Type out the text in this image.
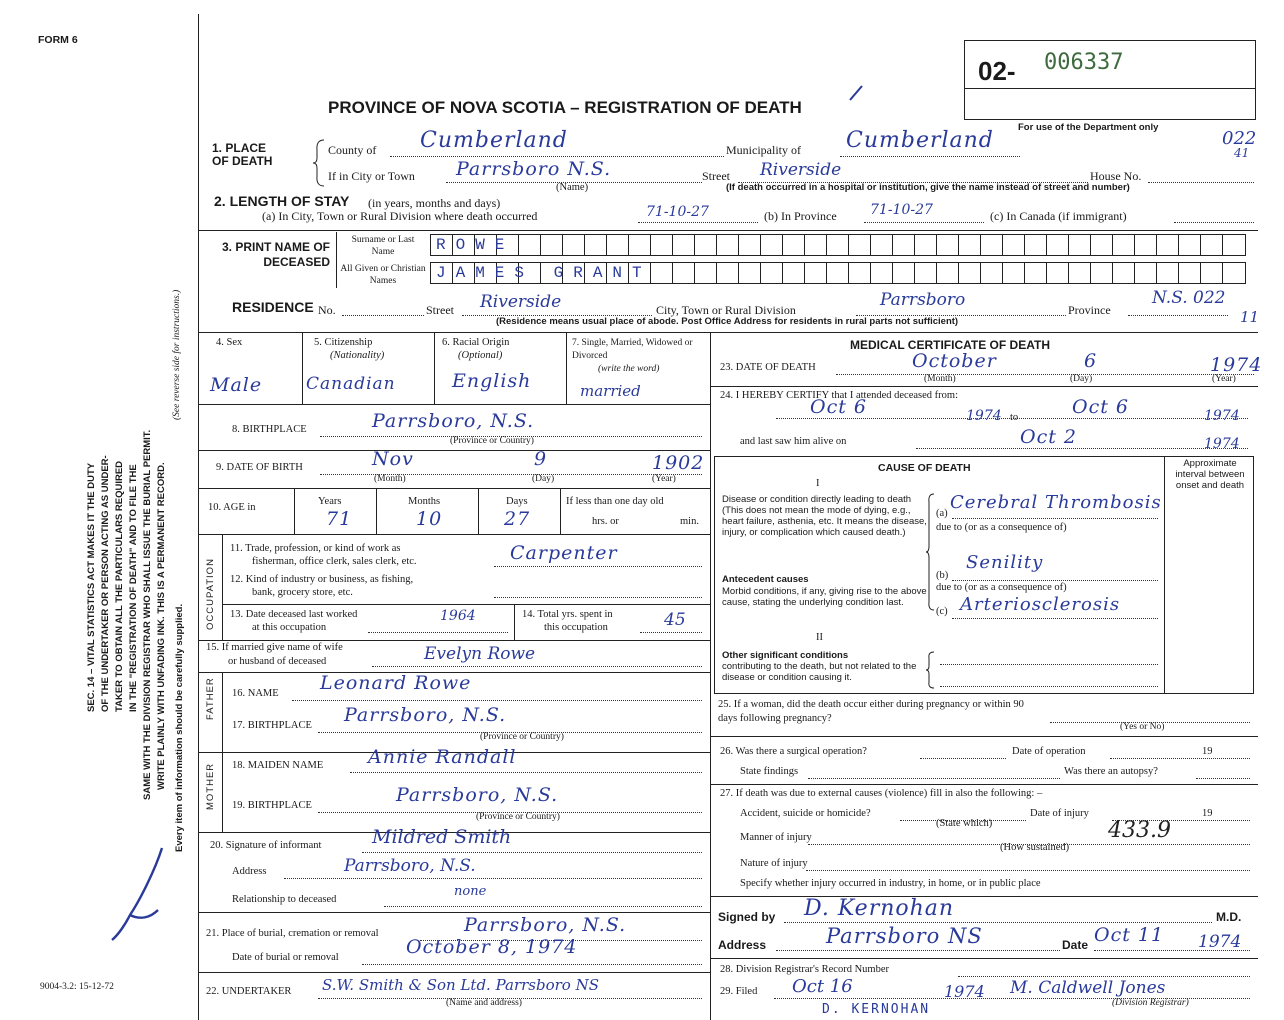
FORM 6
SEC. 14 – VITAL STATISTICS ACT MAKES IT THE DUTY OF THE UNDERTAKER OR PERSON ACTING AS UNDER- TAKER TO OBTAIN ALL THE PARTICULARS REQUIRED IN THE "REGISTRATION OF DEATH" AND TO FILE THE SAME WITH THE DIVISION REGISTRAR WHO SHALL ISSUE THE BURIAL PERMIT. WRITE PLAINLY WITH UNFADING INK. THIS IS A PERMANENT RECORD.
(See reverse side for instructions.)
Every item of information should be carefully supplied.
9004-3.2: 15-12-72
02- 006337
PROVINCE OF NOVA SCOTIA – REGISTRATION OF DEATH
For use of the Department only
022
41
1. PLACE OF DEATH
County of Cumberland	Municipality of Cumberland
If in City or Town Parrsboro N.S.
(Name)
Street Riverside	House No.
(If death occurred in a hospital or institution, give the name instead of street and number)
2. LENGTH OF STAY (in years, months and days)
(a) In City, Town or Rural Division where death occurred	71-10-27	(b) In Province 71-10-27	(c) In Canada (if immigrant)
3. PRINT NAME OF DECEASED
Surname or Last Name
All Given or Christian Names
ROWE
JAMES GRANT
RESIDENCE No.	Street Riverside	City, Town or Rural Division	Parrsboro	Province
N.S. 022
11
(Residence means usual place of abode. Post Office Address for residents in rural parts not sufficient)
4. Sex
Male
5. Citizenship
(Nationality)
Canadian
6. Racial Origin
(Optional)
English
7. Single, Married, Widowed or Divorced
(write the word)
married
8. BIRTHPLACE	Parrsboro, N.S.
(Province or Country)
9. DATE OF BIRTH	Nov	9	1902
(Month)	(Day)	(Year)
10. AGE in
Years
71
Months
10
Days
27
If less than one day old
hrs. or	min.
OCCUPATION
11. Trade, profession, or kind of work as
fisherman, office clerk, sales clerk, etc.	Carpenter
12. Kind of industry or business, as fishing,
bank, grocery store, etc.
13. Date deceased last worked
at this occupation
1964	14. Total yrs. spent in
this occupation	45
15. If married give name of wife
or husband of deceased	Evelyn Rowe
FATHER 16. NAME Leonard Rowe
17. BIRTHPLACE Parrsboro, N.S.
(Province or Country)
MOTHER 18. MAIDEN NAME Annie Randall
19. BIRTHPLACE	Parrsboro, N.S.
(Province or Country)
20. Signature of informant	Mildred Smith
Address	Parrsboro, N.S.
Relationship to deceased
none
21. Place of burial, cremation or removal	Parrsboro, N.S.
Date of burial or removal	October 8, 1974
22. UNDERTAKER S.W. Smith & Son Ltd. Parrsboro NS
(Name and address)
MEDICAL CERTIFICATE OF DEATH
23. DATE OF DEATH	October	6	1974
(Month)	(Day)	(Year)
24. I HEREBY CERTIFY that I attended deceased from:
Oct 6	1974 to	Oct 6	1974
and last saw him alive on	Oct 2	1974
CAUSE OF DEATH	Approximate interval between onset and death
I
Disease or condition directly leading to death (This does not mean the mode of dying, e.g., heart failure, asthenia, etc. It means the disease, injury, or complication which caused death.)
(a)
Cerebral Thrombosis
due to (or as a consequence of)
Antecedent causes
Morbid conditions, if any, giving rise to the above cause, stating the underlying condition last.
(b)
Senility
due to (or as a consequence of)
(c) Arteriosclerosis
II
Other significant conditions
contributing to the death, but not related to the disease or condition causing it.
25. If a woman, did the death occur either during pregnancy or within 90 days following pregnancy?
(Yes or No)
26. Was there a surgical operation?	Date of operation	19
State findings	Was there an autopsy?
27. If death was due to external causes (violence) fill in also the following: –
Accident, suicide or homicide?	Date of injury	19
(State which)
Manner of injury	433.9
(How sustained)
Nature of injury
Specify whether injury occurred in industry, in home, or in public place
Signed by D. Kernohan	M.D.
Address	Parrsboro NS	Date Oct 11 1974
28. Division Registrar's Record Number
29. Filed Oct 16	1974 M. Caldwell Jones
(Division Registrar)
D. KERNOHAN
